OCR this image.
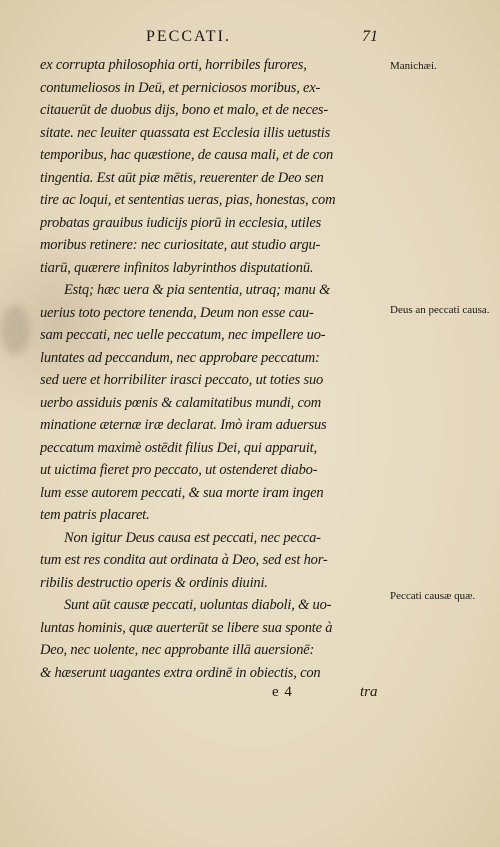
PECCATI.	71
ex corrupta philosophia orti, horribiles furores,
contumeliosos in Deū, et perniciosos moribus, ex-
citauerūt de duobus dijs, bono et malo, et de neces-
sitate. nec leuiter quassata est Ecclesia illis uetustis
temporibus, hac quæstione, de causa mali, et de con
tingentia. Est aūt piæ mētis, reuerenter de Deo sen
tire ac loqui, et sententias ueras, pias, honestas, com
probatas grauibus iudicijs piorū in ecclesia, utiles
moribus retinere: nec curiositate, aut studio argu-
tiarū, quærere infinitos labyrinthos disputationū.
Estq; hæc uera & pia sententia, utraq; manu &
uerius toto pectore tenenda, Deum non esse cau-
sam peccati, nec uelle peccatum, nec impellere uo-
luntates ad peccandum, nec approbare peccatum:
sed uere et horribiliter irasci peccato, ut toties suo
uerbo assiduis pœnis & calamitatibus mundi, com
minatione æternæ iræ declarat. Imò iram aduersus
peccatum maximè ostēdit filius Dei, qui apparuit,
ut uictima fieret pro peccato, ut ostenderet diabo-
lum esse autorem peccati, & sua morte iram ingen
tem patris placaret.
Non igitur Deus causa est peccati, nec pecca-
tum est res condita aut ordinata à Deo, sed est hor-
ribilis destructio operis & ordinis diuini.
Sunt aūt causæ peccati, uoluntas diaboli, & uo-
luntas hominis, quæ auerterūt se libere sua sponte à
Deo, nec uolente, nec approbante illā auersionē:
& hæserunt uagantes extra ordinē in obiectis, con
Manichæi.
Deus an peccati causa.
Peccati causæ quæ.
e 4	tra
